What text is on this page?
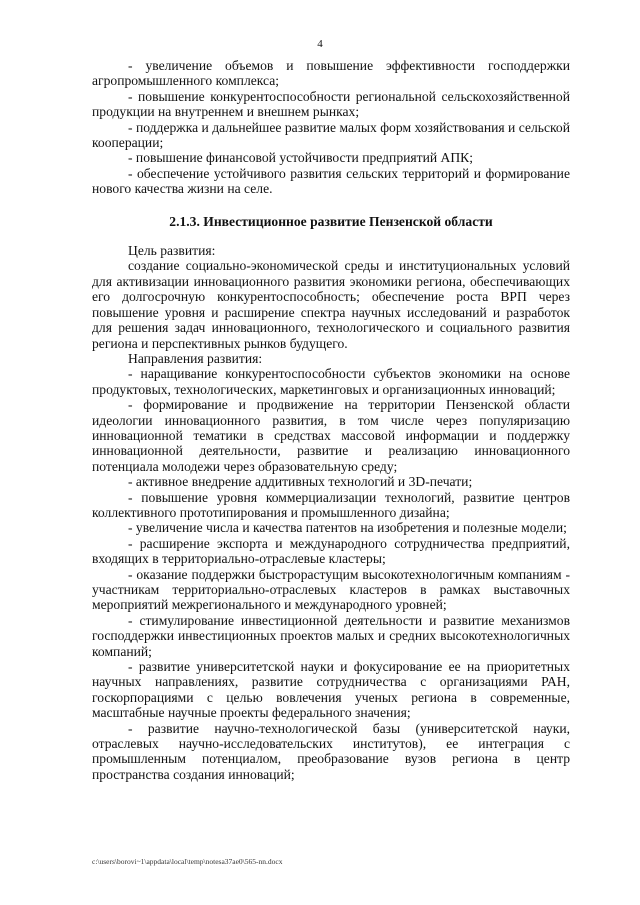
4

- увеличение объемов и повышение эффективности господдержки агропромышленного комплекса;

- повышение конкурентоспособности региональной сельскохозяйственной продукции на внутреннем и внешнем рынках;

- поддержка и дальнейшее развитие малых форм хозяйствования и сельской кооперации;

- повышение финансовой устойчивости предприятий АПК;

- обеспечение устойчивого развития сельских территорий и формирование нового качества жизни на селе.

2.1.3. Инвестиционное развитие Пензенской области

Цель развития:

создание социально-экономической среды и институциональных условий для активизации инновационного развития экономики региона, обеспечивающих его долгосрочную конкурентоспособность; обеспечение роста ВРП через повышение уровня и расширение спектра научных исследований и разработок для решения задач инновационного, технологического и социального развития региона и перспективных рынков будущего.

Направления развития:

- наращивание конкурентоспособности субъектов экономики на основе продуктовых, технологических, маркетинговых и организационных инноваций;

- формирование и продвижение на территории Пензенской области идеологии инновационного развития, в том числе через популяризацию инновационной тематики в средствах массовой информации и поддержку инновационной деятельности, развитие и реализацию инновационного потенциала молодежи через образовательную среду;

- активное внедрение аддитивных технологий и 3D-печати;

- повышение уровня коммерциализации технологий, развитие центров коллективного прототипирования и промышленного дизайна;

- увеличение числа и качества патентов на изобретения и полезные модели;

- расширение экспорта и международного сотрудничества предприятий, входящих в территориально-отраслевые кластеры;

- оказание поддержки быстрорастущим высокотехнологичным компаниям - участникам территориально-отраслевых кластеров в рамках выставочных мероприятий межрегионального и международного уровней;

- стимулирование инвестиционной деятельности и развитие механизмов господдержки инвестиционных проектов малых и средних высокотехнологичных компаний;

- развитие университетской науки и фокусирование ее на приоритетных научных направлениях, развитие сотрудничества с организациями РАН, госкорпорациями с целью вовлечения ученых региона в современные, масштабные научные проекты федерального значения;

- развитие научно-технологической базы (университетской науки, отраслевых научно-исследовательских институтов), ее интеграция с промышленным потенциалом, преобразование вузов региона в центр пространства создания инноваций;

c:\users\borovi~1\appdata\local\temp\notesa37ae0\565-nn.docx
